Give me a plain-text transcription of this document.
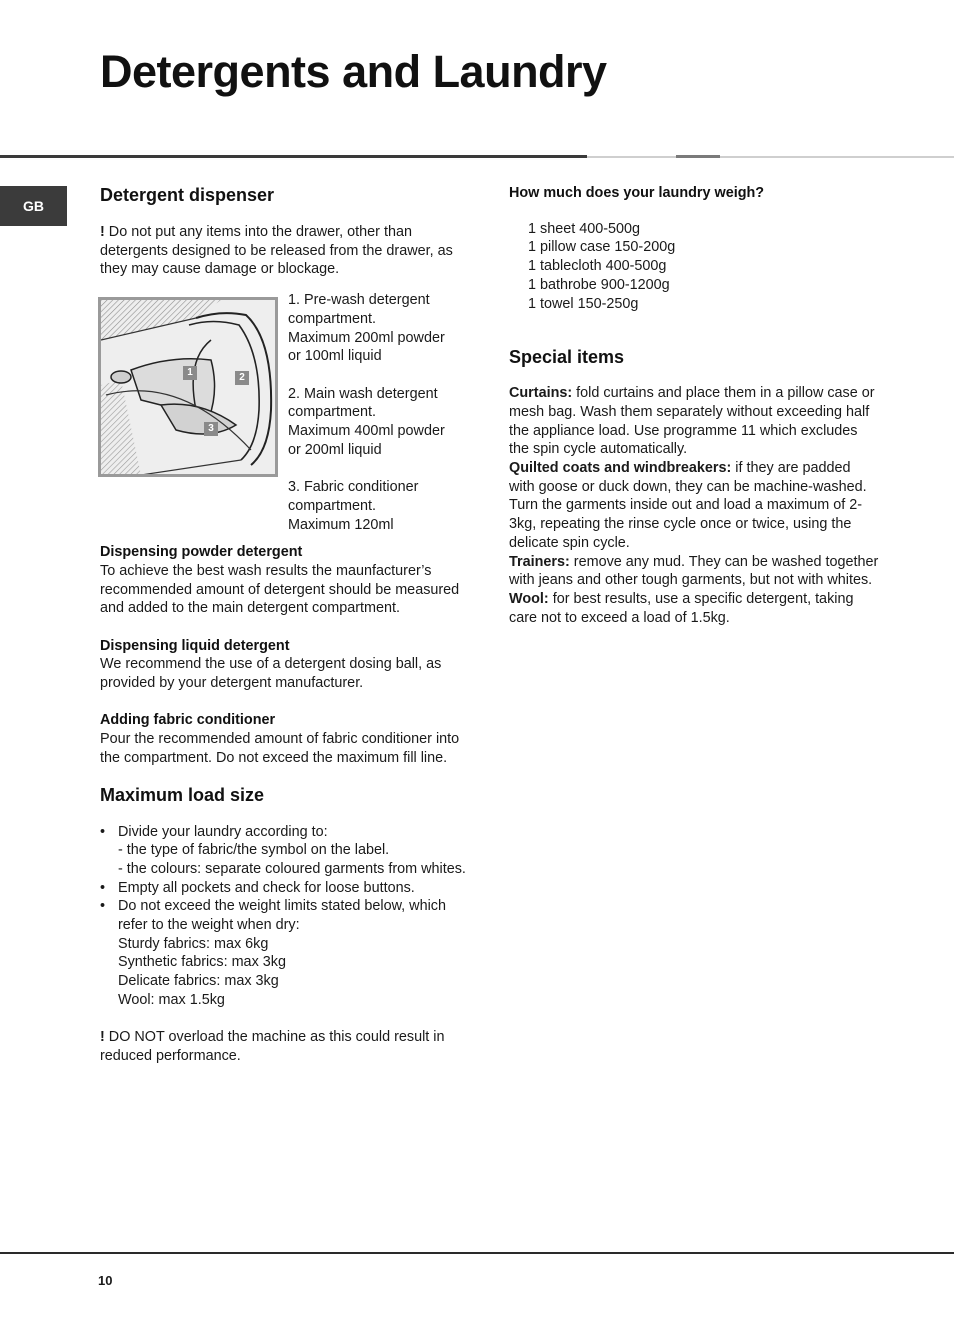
Detergents and Laundry
GB
Detergent dispenser

! Do not put any items into the drawer, other than detergents designed to be released from the drawer, as they may cause damage or blockage.

1	2
3

1. Pre-wash detergent
compartment.
Maximum 200ml powder
or 100ml liquid

2. Main wash detergent
compartment.
Maximum 400ml powder
or 200ml liquid

3. Fabric conditioner
compartment.
Maximum 120ml

Dispensing powder detergent

To achieve the best wash results the maunfacturer’s recommended amount of detergent should be measured and added to the main detergent compartment.

Dispensing liquid detergent

We recommend the use of a detergent dosing ball, as provided by your detergent manufacturer.

Adding fabric conditioner

Pour the recommended amount of fabric conditioner into the compartment. Do not exceed the maximum fill line.

Maximum load size
• Divide your laundry according to:
- the type of fabric/the symbol on the label.
- the colours: separate coloured garments from whites.
• Empty all pockets and check for loose buttons.
• Do not exceed the weight limits stated below, which refer to the weight when dry:
Sturdy fabrics: max 6kg
Synthetic fabrics: max 3kg
Delicate fabrics: max 3kg
Wool: max 1.5kg

! DO NOT overload the machine as this could result in reduced performance.

How much does your laundry weigh?
1 sheet 400-500g
1 pillow case 150-200g
1 tablecloth 400-500g
1 bathrobe 900-1200g
1 towel 150-250g
Special items

Curtains: fold curtains and place them in a pillow case or mesh bag. Wash them separately without exceeding half the appliance load. Use programme 11 which excludes the spin cycle automatically.

Quilted coats and windbreakers: if they are padded with goose or duck down, they can be machine-washed. Turn the garments inside out and load a maximum of 2-3kg, repeating the rinse cycle once or twice, using the delicate spin cycle.

Trainers: remove any mud. They can be washed together with jeans and other tough garments, but not with whites.

Wool: for best results, use a specific detergent, taking care not to exceed a load of 1.5kg.

10
